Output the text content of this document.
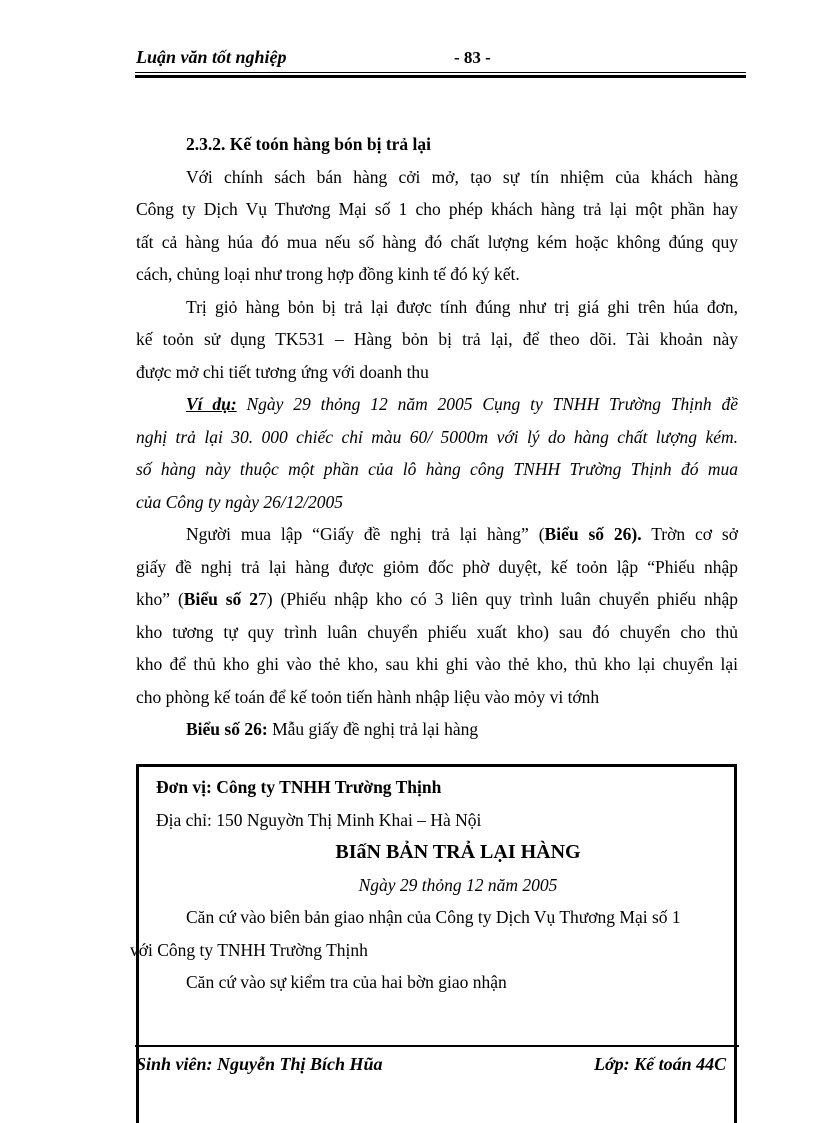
Luận văn tốt nghiệp	- 83 -

2.3.2. Kế toón hàng bón bị trả lại

Với chính sách bán hàng cởi mở, tạo sự tín nhiệm của khách hàng

Công ty Dịch Vụ Thương Mại số 1 cho phép khách hàng trả lại một phần hay

tất cả hàng húa đó mua nếu số hàng đó chất lượng kém hoặc không đúng quy

cách, chủng loại như trong hợp đồng kinh tế đó ký kết.

Trị giỏ hàng bỏn bị trả lại được tính đúng như trị giá ghi trên húa đơn,

kế toỏn sử dụng TK531 – Hàng bỏn bị trả lại, để theo dõi. Tài khoản này

được mở chi tiết tương ứng với doanh thu

Ví dụ: Ngày 29 thỏng 12 năm 2005 Cụng ty TNHH Trường Thịnh đề

nghị trả lại 30. 000 chiếc chỉ màu 60/ 5000m với lý do hàng chất lượng kém.

số hàng này thuộc một phần của lô hàng công TNHH Trường Thịnh đó mua

của Công ty ngày 26/12/2005

Người mua lập “Giấy đề nghị trả lại hàng” (Biểu số 26). Trờn cơ sở

giấy đề nghị trả lại hàng được giỏm đốc phờ duyệt, kế toỏn lập “Phiếu nhập

kho” (Biểu số 27) (Phiếu nhập kho có 3 liên quy trình luân chuyển phiếu nhập

kho tương tự quy trình luân chuyển phiếu xuất kho) sau đó chuyển cho thủ

kho để thủ kho ghi vào thẻ kho, sau khi ghi vào thẻ kho, thủ kho lại chuyển lại

cho phòng kế toán để kế toỏn tiến hành nhập liệu vào mỏy vi tớnh

Biểu số 26: Mẫu giấy đề nghị trả lại hàng

Đơn vị: Công ty TNHH Trường Thịnh

Địa chỉ: 150 Nguyờn Thị Minh Khai – Hà Nội

BIấN BẢN TRẢ LẠI HÀNG

Ngày 29 thỏng 12 năm 2005

Căn cứ vào biên bản giao nhận của Công ty Dịch Vụ Thương Mại số 1

với Công ty TNHH Trường Thịnh

Căn cứ vào sự kiểm tra của hai bờn giao nhận

Sinh viên: Nguyễn Thị Bích Hũa	Lớp: Kế toán 44C
